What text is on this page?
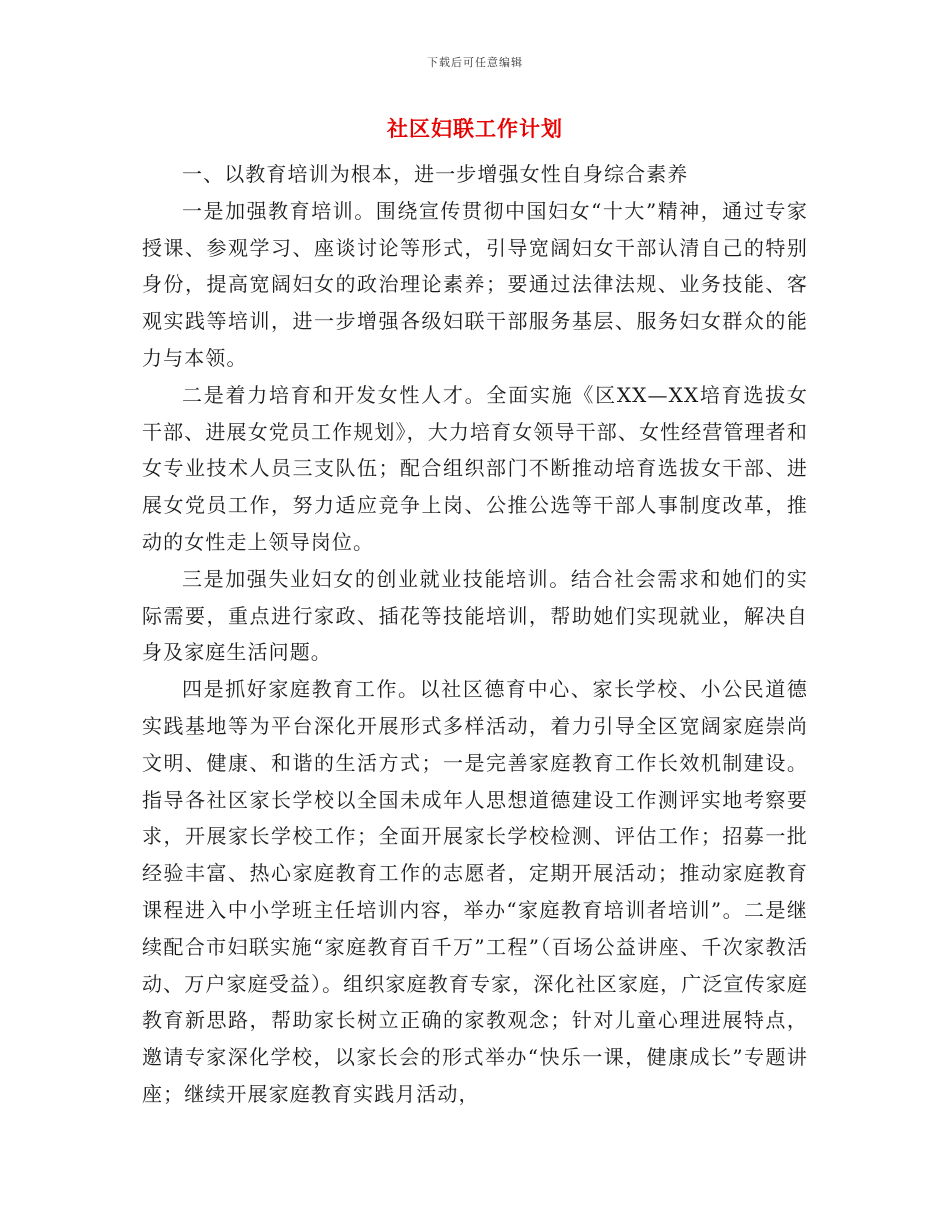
下载后可任意编辑
社区妇联工作计划

一、以教育培训为根本，进一步增强女性自身综合素养

一是加强教育培训。围绕宣传贯彻中国妇女“十大”精神，通过专家授课、参观学习、座谈讨论等形式，引导宽阔妇女干部认清自己的特别身份，提高宽阔妇女的政治理论素养；要通过法律法规、业务技能、客观实践等培训，进一步增强各级妇联干部服务基层、服务妇女群众的能力与本领。

二是着力培育和开发女性人才。全面实施《区XX—XX培育选拔女干部、进展女党员工作规划》，大力培育女领导干部、女性经营管理者和女专业技术人员三支队伍；配合组织部门不断推动培育选拔女干部、进展女党员工作，努力适应竞争上岗、公推公选等干部人事制度改革，推动的女性走上领导岗位。

三是加强失业妇女的创业就业技能培训。结合社会需求和她们的实际需要，重点进行家政、插花等技能培训，帮助她们实现就业，解决自身及家庭生活问题。

四是抓好家庭教育工作。以社区德育中心、家长学校、小公民道德实践基地等为平台深化开展形式多样活动，着力引导全区宽阔家庭崇尚文明、健康、和谐的生活方式；一是完善家庭教育工作长效机制建设。指导各社区家长学校以全国未成年人思想道德建设工作测评实地考察要求，开展家长学校工作；全面开展家长学校检测、评估工作；招募一批经验丰富、热心家庭教育工作的志愿者，定期开展活动；推动家庭教育课程进入中小学班主任培训内容，举办“家庭教育培训者培训”。二是继续配合市妇联实施“家庭教育百千万”工程”（百场公益讲座、千次家教活动、万户家庭受益）。组织家庭教育专家，深化社区家庭，广泛宣传家庭教育新思路，帮助家长树立正确的家教观念；针对儿童心理进展特点，邀请专家深化学校，以家长会的形式举办“快乐一课，健康成长”专题讲座；继续开展家庭教育实践月活动，
